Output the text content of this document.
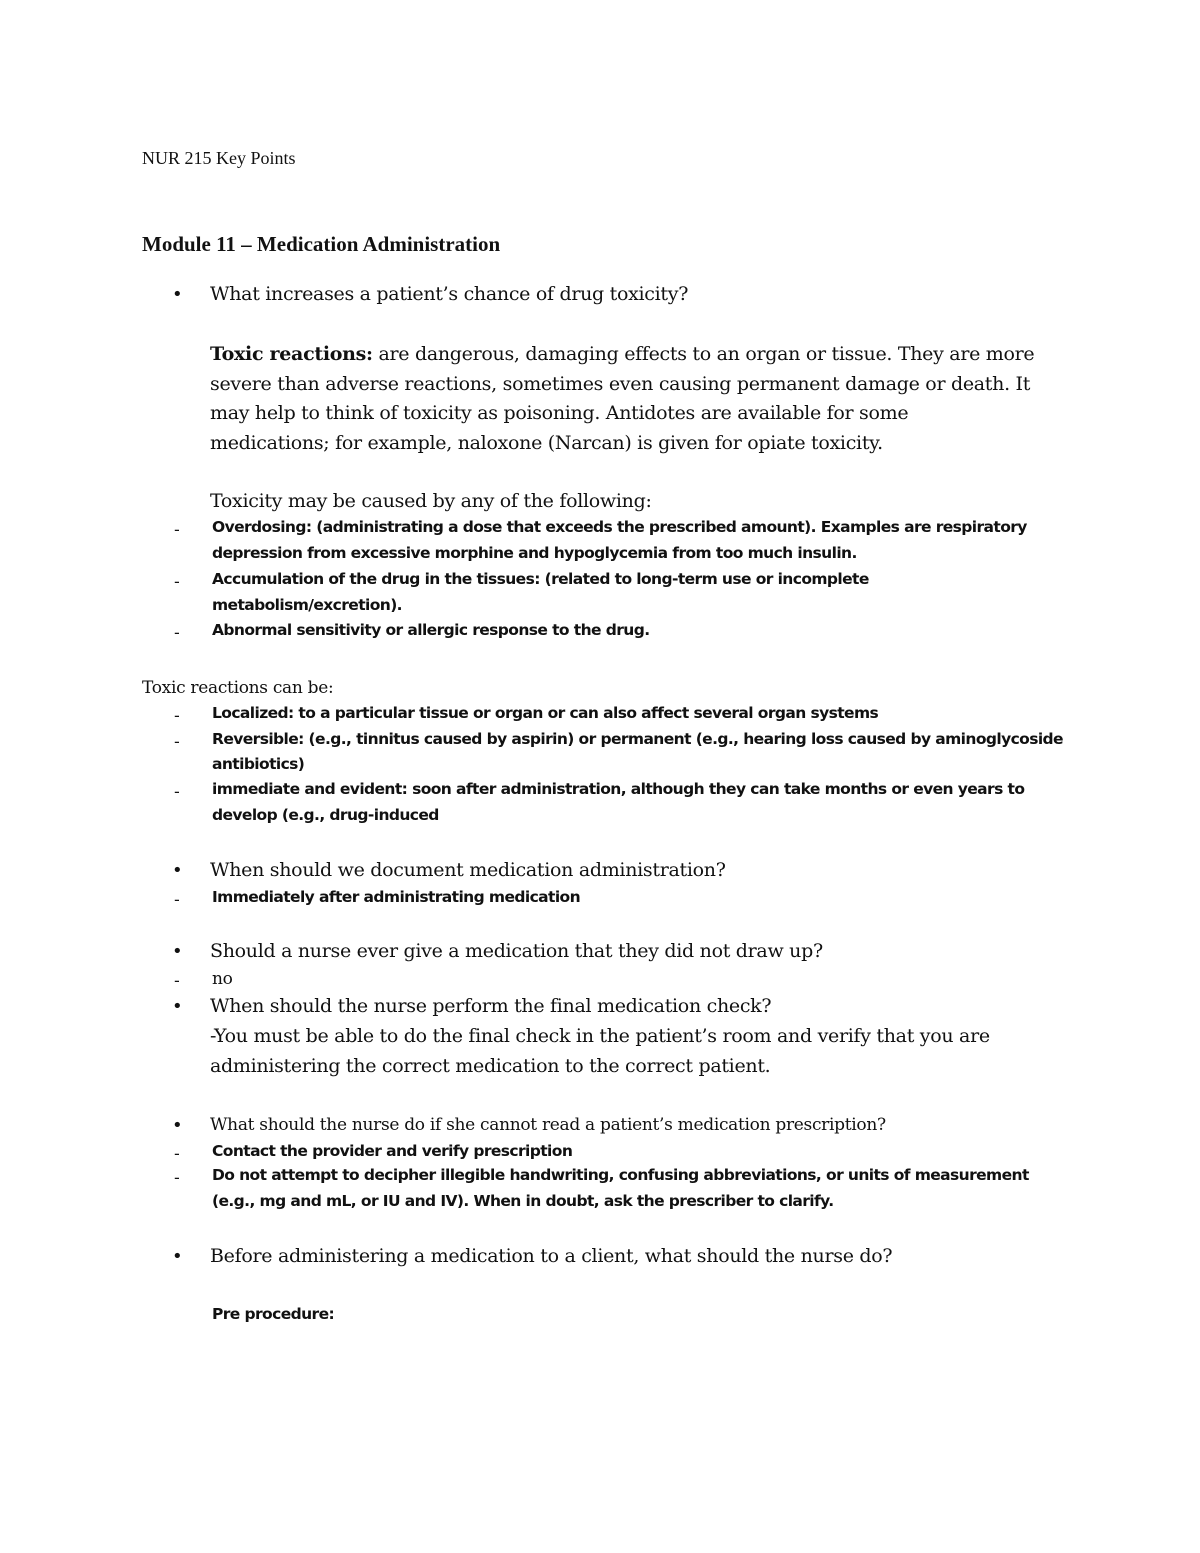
NUR 215 Key Points
Module 11 – Medication Administration
• What increases a patient’s chance of drug toxicity?
Toxic reactions: are dangerous, damaging effects to an organ or tissue. They are more
severe than adverse reactions, sometimes even causing permanent damage or death. It
may help to think of toxicity as poisoning. Antidotes are available for some
medications; for example, naloxone (Narcan) is given for opiate toxicity.
Toxicity may be caused by any of the following:
- Overdosing: (administrating a dose that exceeds the prescribed amount). Examples are respiratory
depression from excessive morphine and hypoglycemia from too much insulin.
- Accumulation of the drug in the tissues: (related to long-term use or incomplete
metabolism/excretion).
- Abnormal sensitivity or allergic response to the drug.
Toxic reactions can be:
- Localized: to a particular tissue or organ or can also affect several organ systems
- Reversible: (e.g., tinnitus caused by aspirin) or permanent (e.g., hearing loss caused by aminoglycoside
antibiotics)
- immediate and evident: soon after administration, although they can take months or even years to
develop (e.g., drug-induced
• When should we document medication administration?
- Immediately after administrating medication
• Should a nurse ever give a medication that they did not draw up?
- no
• When should the nurse perform the final medication check?
-You must be able to do the final check in the patient’s room and verify that you are
administering the correct medication to the correct patient.
• What should the nurse do if she cannot read a patient’s medication prescription?
- Contact the provider and verify prescription
- Do not attempt to decipher illegible handwriting, confusing abbreviations, or units of measurement
(e.g., mg and mL, or IU and IV). When in doubt, ask the prescriber to clarify.
• Before administering a medication to a client, what should the nurse do?
Pre procedure:
